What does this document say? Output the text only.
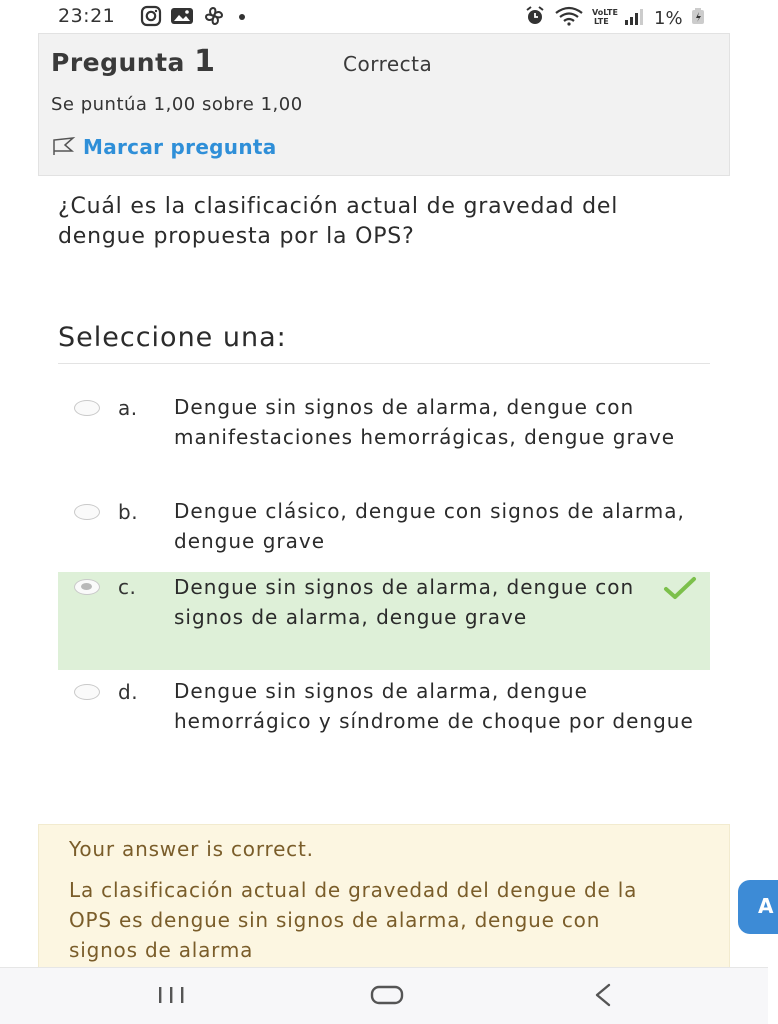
23:21	VoLTE
LTE	1%
Pregunta 1	Correcta
Se puntúa 1,00 sobre 1,00
Marcar pregunta
¿Cuál es la clasificación actual de gravedad del dengue propuesta por la OPS?
Seleccione una:
a. Dengue sin signos de alarma, dengue con manifestaciones hemorrágicas, dengue grave
b. Dengue clásico, dengue con signos de alarma, dengue grave
c. Dengue sin signos de alarma, dengue con signos de alarma, dengue grave
d. Dengue sin signos de alarma, dengue hemorrágico y síndrome de choque por dengue
Your answer is correct.
La clasificación actual de gravedad del dengue de la OPS es dengue sin signos de alarma, dengue con signos de alarma
A
